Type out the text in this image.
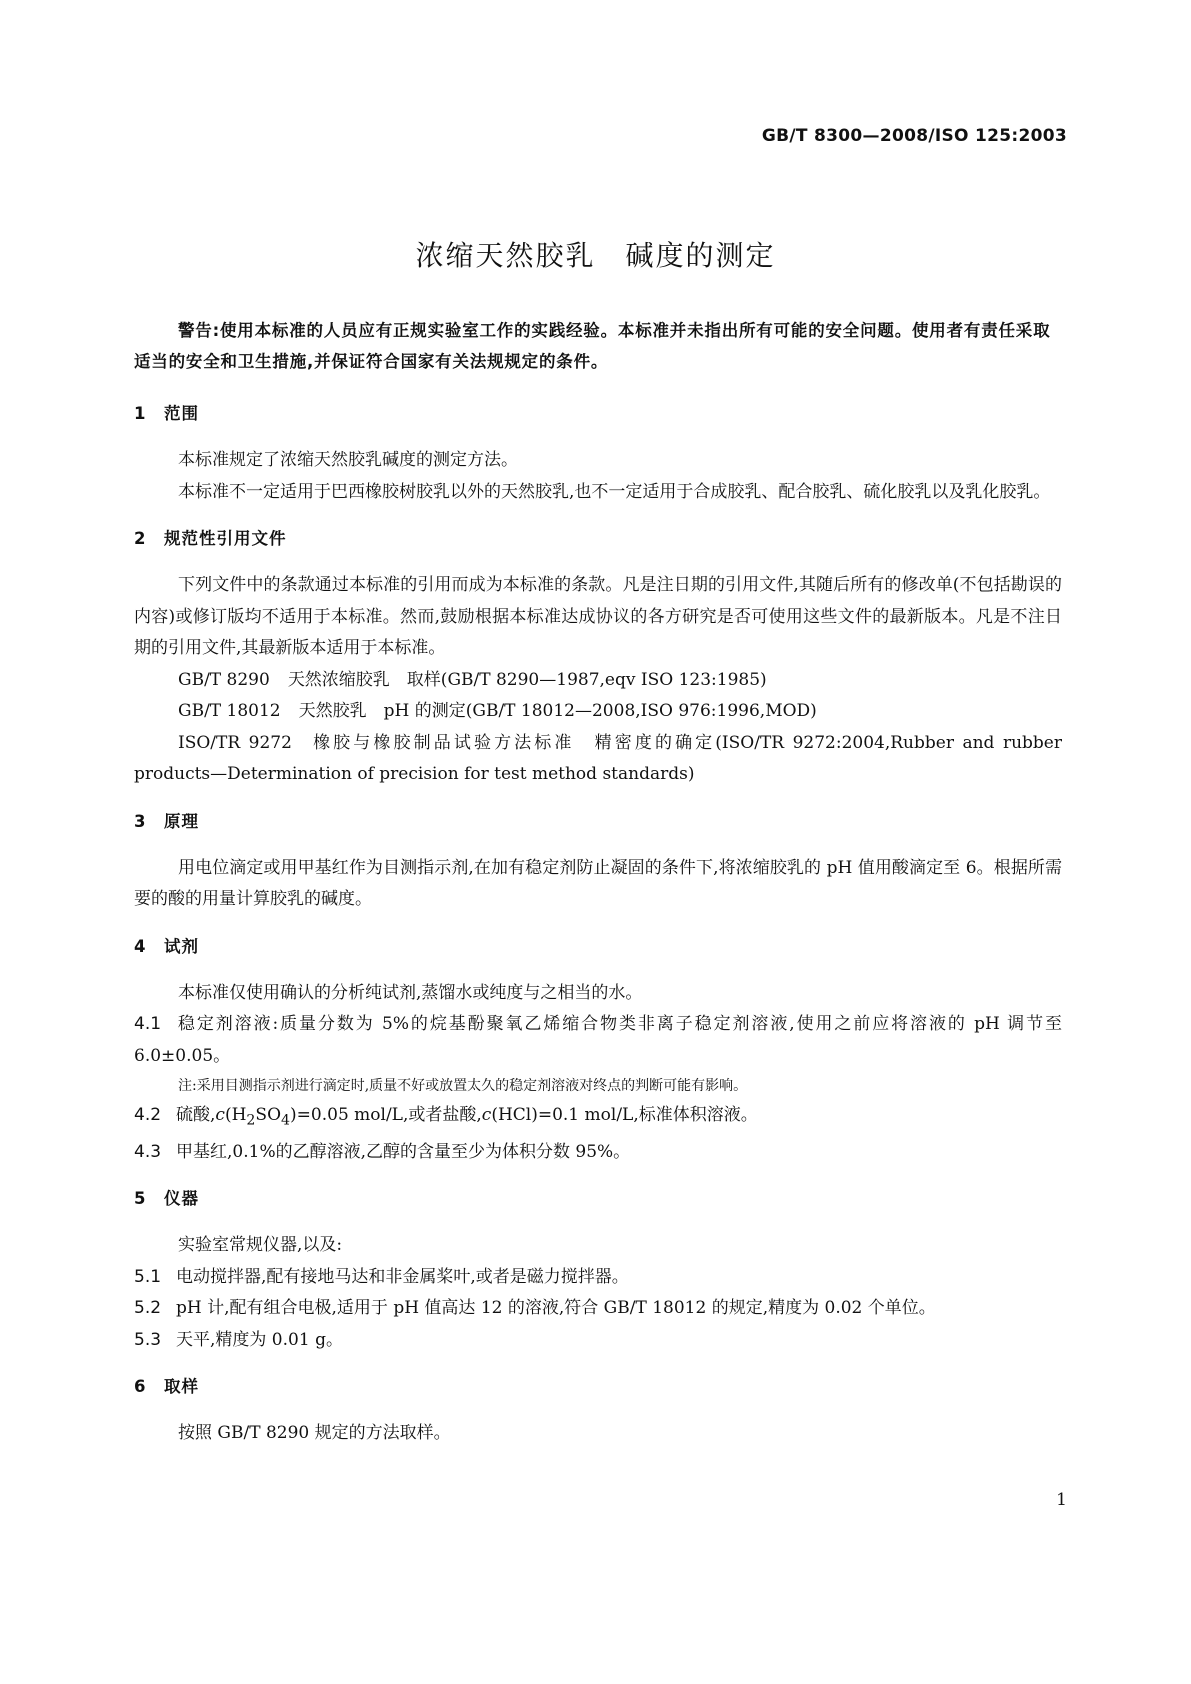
GB/T 8300—2008/ISO 125:2003
浓缩天然胶乳 碱度的测定

警告:使用本标准的人员应有正规实验室工作的实践经验。本标准并未指出所有可能的安全问题。使用者有责任采取适当的安全和卫生措施,并保证符合国家有关法规规定的条件。

1 范围

本标准规定了浓缩天然胶乳碱度的测定方法。

本标准不一定适用于巴西橡胶树胶乳以外的天然胶乳,也不一定适用于合成胶乳、配合胶乳、硫化胶乳以及乳化胶乳。

2 规范性引用文件

下列文件中的条款通过本标准的引用而成为本标准的条款。凡是注日期的引用文件,其随后所有的修改单(不包括勘误的内容)或修订版均不适用于本标准。然而,鼓励根据本标准达成协议的各方研究是否可使用这些文件的最新版本。凡是不注日期的引用文件,其最新版本适用于本标准。

GB/T 8290 天然浓缩胶乳　取样(GB/T 8290—1987,eqv ISO 123:1985)

GB/T 18012 天然胶乳　pH 的测定(GB/T 18012—2008,ISO 976:1996,MOD)

ISO/TR 9272 橡胶与橡胶制品试验方法标准　精密度的确定(ISO/TR 9272:2004,Rubber and rubber products—Determination of precision for test method standards)

3 原理

用电位滴定或用甲基红作为目测指示剂,在加有稳定剂防止凝固的条件下,将浓缩胶乳的 pH 值用酸滴定至 6。根据所需要的酸的用量计算胶乳的碱度。

4 试剂

本标准仅使用确认的分析纯试剂,蒸馏水或纯度与之相当的水。

4.1 稳定剂溶液:质量分数为 5%的烷基酚聚氧乙烯缩合物类非离子稳定剂溶液,使用之前应将溶液的 pH 调节至 6.0±0.05。

注:采用目测指示剂进行滴定时,质量不好或放置太久的稳定剂溶液对终点的判断可能有影响。

4.2 硫酸$,c(H_2SO_4)=0.05$ mol/L,或者盐酸,c(HCl)=0.1 mol/L,标准体积溶液。

4.3 甲基红,0.1%的乙醇溶液,乙醇的含量至少为体积分数 95%。

5 仪器

实验室常规仪器,以及:

5.1 电动搅拌器,配有接地马达和非金属桨叶,或者是磁力搅拌器。

5.2 pH 计,配有组合电极,适用于 pH 值高达 12 的溶液,符合 GB/T 18012 的规定,精度为 0.02 个单位。

5.3 天平,精度为 0.01 g。

6 取样

按照 GB/T 8290 规定的方法取样。

1
